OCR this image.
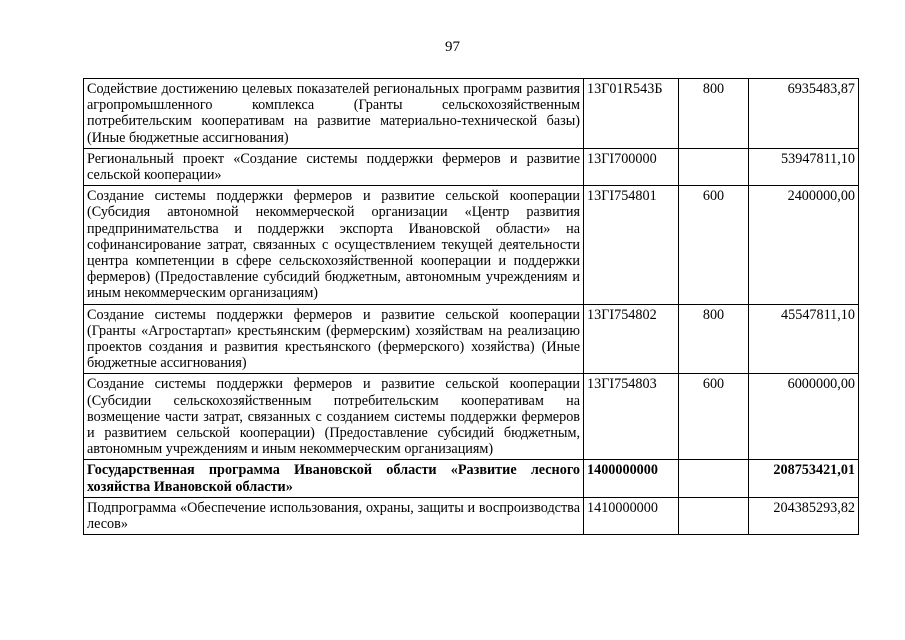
97
Содействие достижению целевых показателей региональных программ развития агропромышленного комплекса (Гранты сельскохозяйственным потребительским кооперативам на развитие материально-технической базы) (Иные бюджетные ассигнования)	13Г01R543Б	800	6935483,87
Региональный проект «Создание системы поддержки фермеров и развитие сельской кооперации»	13ГI700000		53947811,10
Создание системы поддержки фермеров и развитие сельской кооперации (Субсидия автономной некоммерческой организации «Центр развития предпринимательства и поддержки экспорта Ивановской области» на софинансирование затрат, связанных с осуществлением текущей деятельности центра компетенции в сфере сельскохозяйственной кооперации и поддержки фермеров) (Предоставление субсидий бюджетным, автономным учреждениям и иным некоммерческим организациям)	13ГI754801	600	2400000,00
Создание системы поддержки фермеров и развитие сельской кооперации (Гранты «Агростартап» крестьянским (фермерским) хозяйствам на реализацию проектов создания и развития крестьянского (фермерского) хозяйства) (Иные бюджетные ассигнования)	13ГI754802	800	45547811,10
Создание системы поддержки фермеров и развитие сельской кооперации (Субсидии сельскохозяйственным потребительским кооперативам на возмещение части затрат, связанных с созданием системы поддержки фермеров и развитием сельской кооперации) (Предоставление субсидий бюджетным, автономным учреждениям и иным некоммерческим организациям)	13ГI754803	600	6000000,00
Государственная программа Ивановской области «Развитие лесного хозяйства Ивановской области»	1400000000		208753421,01
Подпрограмма «Обеспечение использования, охраны, защиты и воспроизводства лесов»	1410000000		204385293,82
